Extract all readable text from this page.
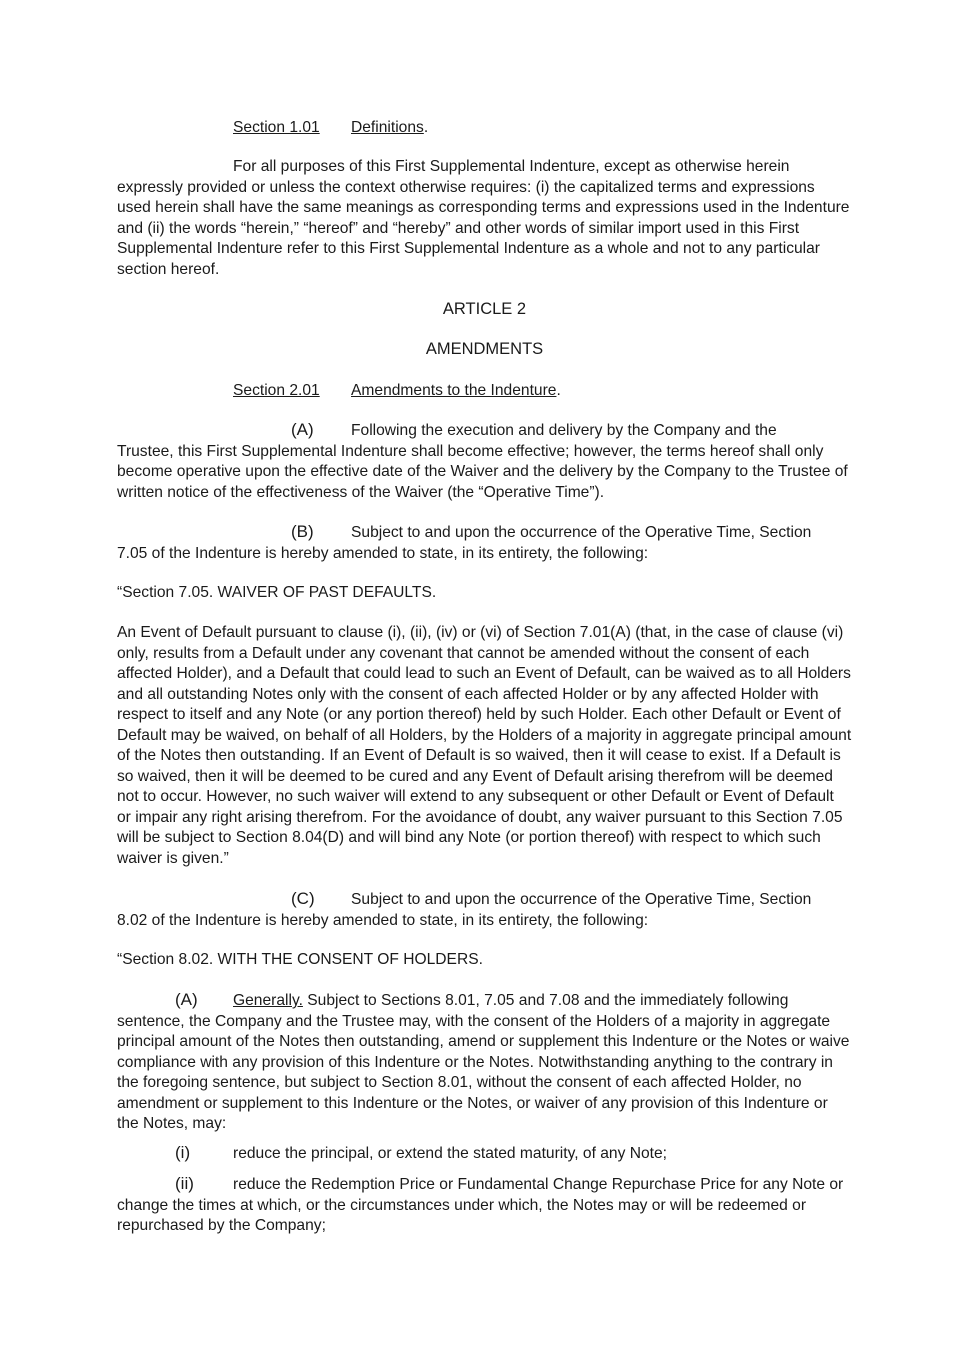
Section 1.01 Definitions.
For all purposes of this First Supplemental Indenture, except as otherwise herein expressly provided or unless the context otherwise requires: (i) the capitalized terms and expressions used herein shall have the same meanings as corresponding terms and expressions used in the Indenture and (ii) the words “herein,” “hereof” and “hereby” and other words of similar import used in this First Supplemental Indenture refer to this First Supplemental Indenture as a whole and not to any particular section hereof.
ARTICLE 2
AMENDMENTS
Section 2.01 Amendments to the Indenture.
(A) Following the execution and delivery by the Company and the
Trustee, this First Supplemental Indenture shall become effective; however, the terms hereof shall only become operative upon the effective date of the Waiver and the delivery by the Company to the Trustee of written notice of the effectiveness of the Waiver (the “Operative Time”).
(B) Subject to and upon the occurrence of the Operative Time, Section
7.05 of the Indenture is hereby amended to state, in its entirety, the following:
“Section 7.05. WAIVER OF PAST DEFAULTS.
An Event of Default pursuant to clause (i), (ii), (iv) or (vi) of Section 7.01(A) (that, in the case of clause (vi) only, results from a Default under any covenant that cannot be amended without the consent of each affected Holder), and a Default that could lead to such an Event of Default, can be waived as to all Holders and all outstanding Notes only with the consent of each affected Holder or by any affected Holder with respect to itself and any Note (or any portion thereof) held by such Holder. Each other Default or Event of Default may be waived, on behalf of all Holders, by the Holders of a majority in aggregate principal amount of the Notes then outstanding. If an Event of Default is so waived, then it will cease to exist. If a Default is so waived, then it will be deemed to be cured and any Event of Default arising therefrom will be deemed not to occur. However, no such waiver will extend to any subsequent or other Default or Event of Default or impair any right arising therefrom. For the avoidance of doubt, any waiver pursuant to this Section 7.05 will be subject to Section 8.04(D) and will bind any Note (or portion thereof) with respect to which such waiver is given.”
(C) Subject to and upon the occurrence of the Operative Time, Section
8.02 of the Indenture is hereby amended to state, in its entirety, the following:
“Section 8.02. WITH THE CONSENT OF HOLDERS.
(A) Generally. Subject to Sections 8.01, 7.05 and 7.08 and the immediately following sentence, the Company and the Trustee may, with the consent of the Holders of a majority in aggregate principal amount of the Notes then outstanding, amend or supplement this Indenture or the Notes or waive compliance with any provision of this Indenture or the Notes. Notwithstanding anything to the contrary in the foregoing sentence, but subject to Section 8.01, without the consent of each affected Holder, no amendment or supplement to this Indenture or the Notes, or waiver of any provision of this Indenture or the Notes, may:
(i)	reduce the principal, or extend the stated maturity, of any Note;
(ii)	reduce the Redemption Price or Fundamental Change Repurchase Price for any Note or change the times at which, or the circumstances under which, the Notes may or will be redeemed or repurchased by the Company;
